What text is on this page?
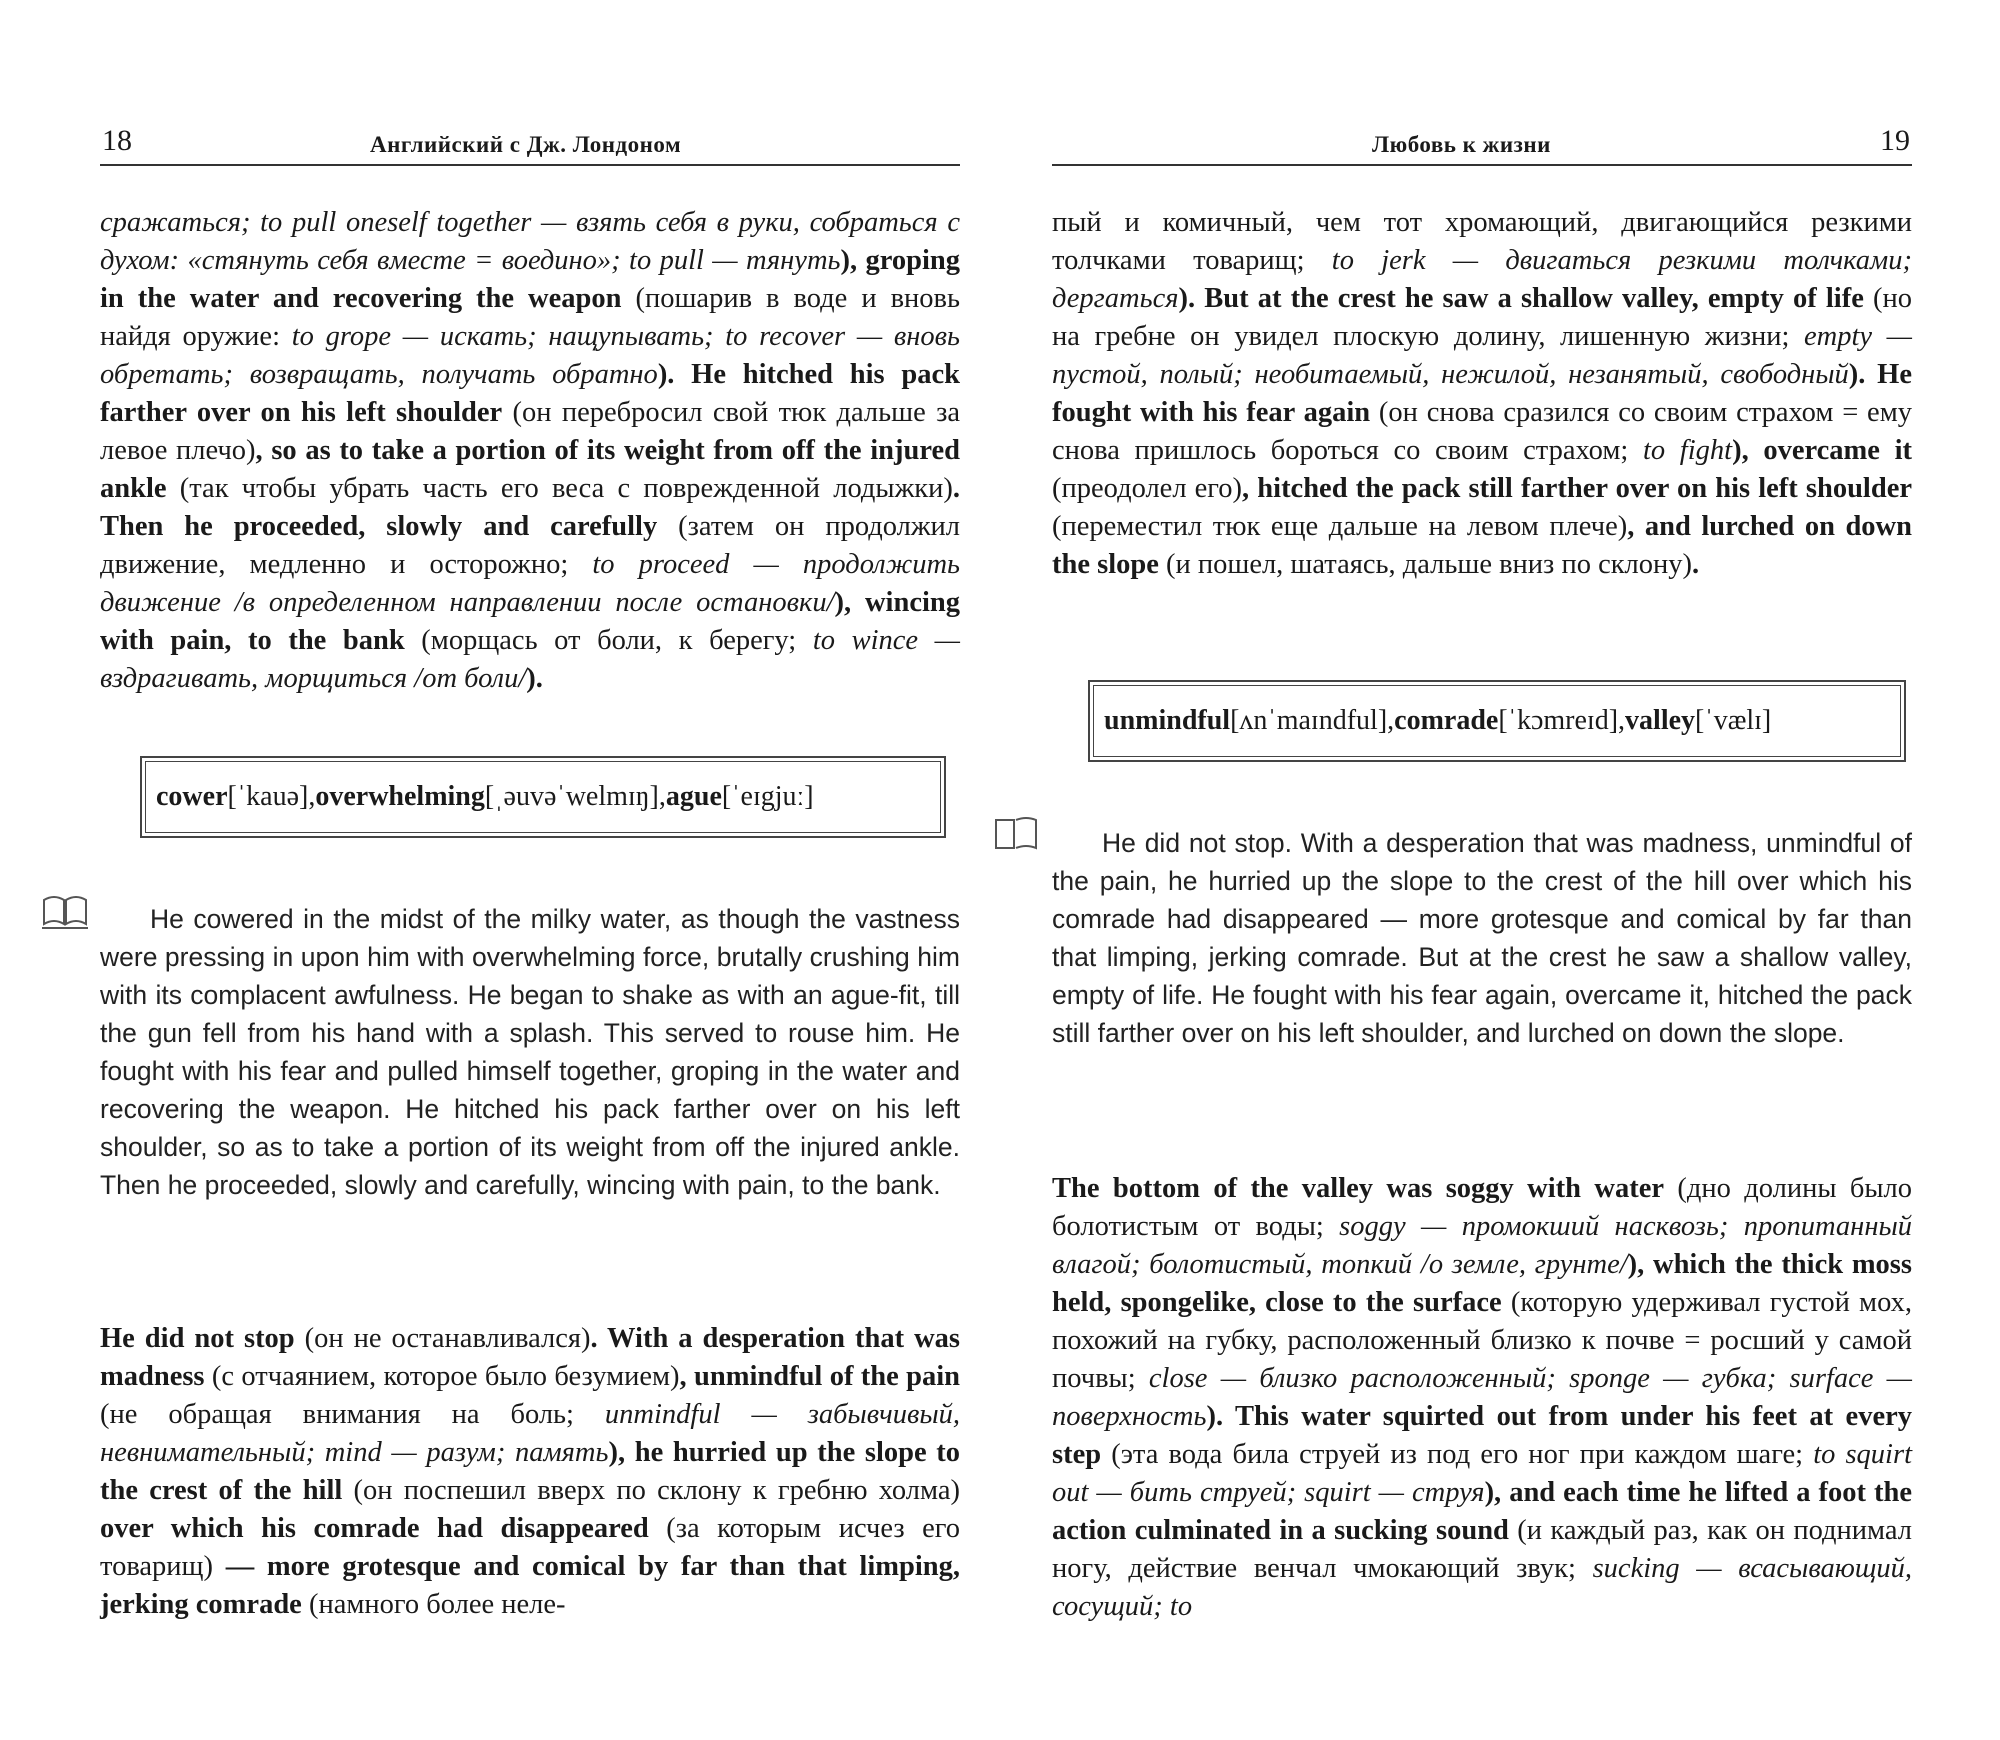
18	Английский с Дж. Лондоном

сражаться; to pull oneself together — взять себя в руки, собраться с духом: «стянуть себя вместе = воедино»; to pull — тянуть), groping in the water and recovering the weapon (пошарив в воде и вновь найдя оружие: to grope — искать; нащупывать; to recover — вновь обретать; возвращать, получать обратно). He hitched his pack farther over on his left shoulder (он перебросил свой тюк дальше за левое плечо), so as to take a portion of its weight from off the injured ankle (так чтобы убрать часть его веса с поврежденной лодыжки). Then he proceeded, slowly and carefully (затем он продолжил движение, медленно и осторожно; to proceed — продолжить движение /в определенном направлении после остановки/), wincing with pain, to the bank (морщась от боли, к берегу; to wince — вздрагивать, морщиться /от боли/).

cower [ˈkauə], overwhelming [ˌəuvəˈwelmɪŋ], ague [ˈeɪgjuː]

He cowered in the midst of the milky water, as though the vastness were pressing in upon him with overwhelming force, brutally crushing him with its complacent awfulness. He began to shake as with an ague-fit, till the gun fell from his hand with a splash. This served to rouse him. He fought with his fear and pulled himself together, groping in the water and recovering the weapon. He hitched his pack farther over on his left shoulder, so as to take a portion of its weight from off the injured ankle. Then he proceeded, slowly and carefully, wincing with pain, to the bank.

He did not stop (он не останавливался). With a desperation that was madness (с отчаянием, которое было безумием), unmindful of the pain (не обращая внимания на боль; unmindful — забывчивый, невнимательный; mind — разум; память), he hurried up the slope to the crest of the hill (он поспешил вверх по склону к гребню холма) over which his comrade had disappeared (за которым исчез его товарищ) — more grotesque and comical by far than that limping, jerking comrade (намного более неле-

Любовь к жизни	19

пый и комичный, чем тот хромающий, двигающийся резкими толчками товарищ; to jerk — двигаться резкими толчками; дергаться). But at the crest he saw a shallow valley, empty of life (но на гребне он увидел плоскую долину, лишенную жизни; empty — пустой, полый; необитаемый, нежилой, незанятый, свободный). He fought with his fear again (он снова сразился со своим страхом = ему снова пришлось бороться со своим страхом; to fight), overcame it (преодолел его), hitched the pack still farther over on his left shoulder (переместил тюк еще дальше на левом плече), and lurched on down the slope (и пошел, шатаясь, дальше вниз по склону).

unmindful [ʌnˈmaɪndful], comrade [ˈkɔmreɪd], valley [ˈvælɪ]

He did not stop. With a desperation that was madness, unmindful of the pain, he hurried up the slope to the crest of the hill over which his comrade had disappeared — more grotesque and comical by far than that limping, jerking comrade. But at the crest he saw a shallow valley, empty of life. He fought with his fear again, overcame it, hitched the pack still farther over on his left shoulder, and lurched on down the slope.

The bottom of the valley was soggy with water (дно долины было болотистым от воды; soggy — промокший насквозь; пропитанный влагой; болотистый, топкий /о земле, грунте/), which the thick moss held, spongelike, close to the surface (которую удерживал густой мох, похожий на губку, расположенный близко к почве = росший у самой почвы; close — близко расположенный; sponge — губка; surface — поверхность). This water squirted out from under his feet at every step (эта вода била струей из под его ног при каждом шаге; to squirt out — бить струей; squirt — струя), and each time he lifted a foot the action culminated in a sucking sound (и каждый раз, как он поднимал ногу, действие венчал чмокающий звук; sucking — всасывающий, сосущий; to
